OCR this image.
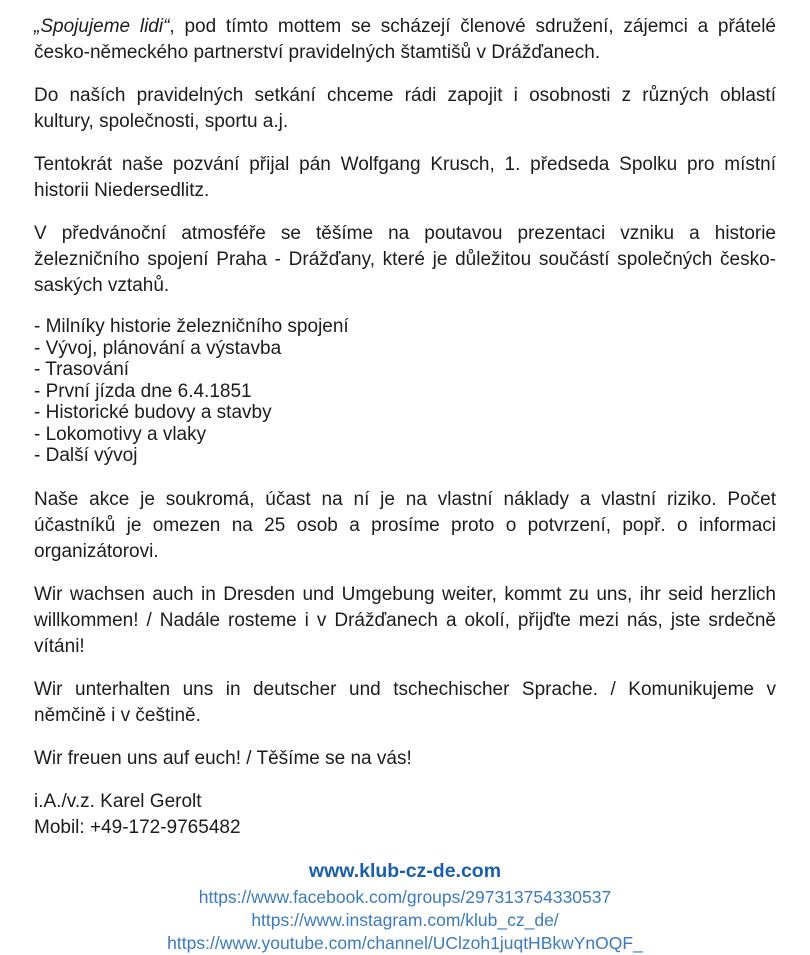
„Spojujeme lidi“, pod tímto mottem se scházejí členové sdružení, zájemci a přátelé česko-německého partnerství pravidelných štamtišů v Drážďanech.

Do naších pravidelných setkání chceme rádi zapojit i osobnosti z různých oblastí kultury, společnosti, sportu a.j.

Tentokrát naše pozvání přijal pán Wolfgang Krusch, 1. předseda Spolku pro místní historii Niedersedlitz.

V předvánoční atmosféře se těšíme na poutavou prezentaci vzniku a historie železničního spojení Praha - Drážďany, které je důležitou součástí společných česko-saských vztahů.

- Milníky historie železničního spojení
- Vývoj, plánování a výstavba
- Trasování
- První jízda dne 6.4.1851
- Historické budovy a stavby
- Lokomotivy a vlaky
- Další vývoj

Naše akce je soukromá, účast na ní je na vlastní náklady a vlastní riziko. Počet účastníků je omezen na 25 osob a prosíme proto o potvrzení, popř. o informaci organizátorovi.

Wir wachsen auch in Dresden und Umgebung weiter, kommt zu uns, ihr seid herzlich willkommen! / Nadále rosteme i v Drážďanech a okolí, přijďte mezi nás, jste srdečně vítáni!

Wir unterhalten uns in deutscher und tschechischer Sprache. / Komunikujeme v němčině i v češtině.

Wir freuen uns auf euch! / Těšíme se na vás!

i.A./v.z. Karel Gerolt
Mobil: +49-172-9765482
www.klub-cz-de.com
https://www.facebook.com/groups/297313754330537
https://www.instagram.com/klub_cz_de/
https://www.youtube.com/channel/UClzoh1juqtHBkwYnOQF_
